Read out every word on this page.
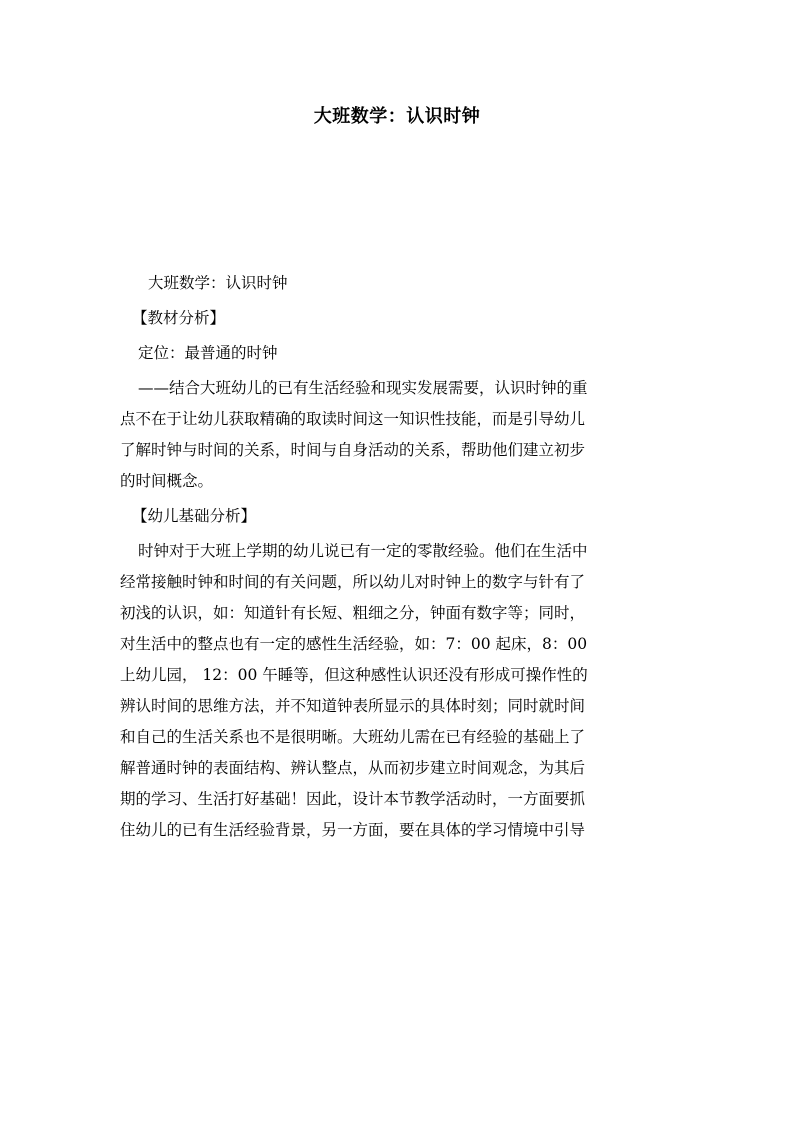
大班数学：认识时钟
大班数学：认识时钟
【教材分析】
定位：最普通的时钟
——结合大班幼儿的已有生活经验和现实发展需要，认识时钟的重
点不在于让幼儿获取精确的取读时间这一知识性技能，而是引导幼儿
了解时钟与时间的关系，时间与自身活动的关系，帮助他们建立初步
的时间概念。
【幼儿基础分析】
时钟对于大班上学期的幼儿说已有一定的零散经验。他们在生活中
经常接触时钟和时间的有关问题，所以幼儿对时钟上的数字与针有了
初浅的认识，如：知道针有长短、粗细之分，钟面有数字等；同时，
对生活中的整点也有一定的感性生活经验，如：7：00 起床，8：00
上幼儿园， 12：00 午睡等，但这种感性认识还没有形成可操作性的
辨认时间的思维方法，并不知道钟表所显示的具体时刻；同时就时间
和自己的生活关系也不是很明晰。大班幼儿需在已有经验的基础上了
解普通时钟的表面结构、辨认整点，从而初步建立时间观念，为其后
期的学习、生活打好基础！因此，设计本节教学活动时，一方面要抓
住幼儿的已有生活经验背景，另一方面，要在具体的学习情境中引导
